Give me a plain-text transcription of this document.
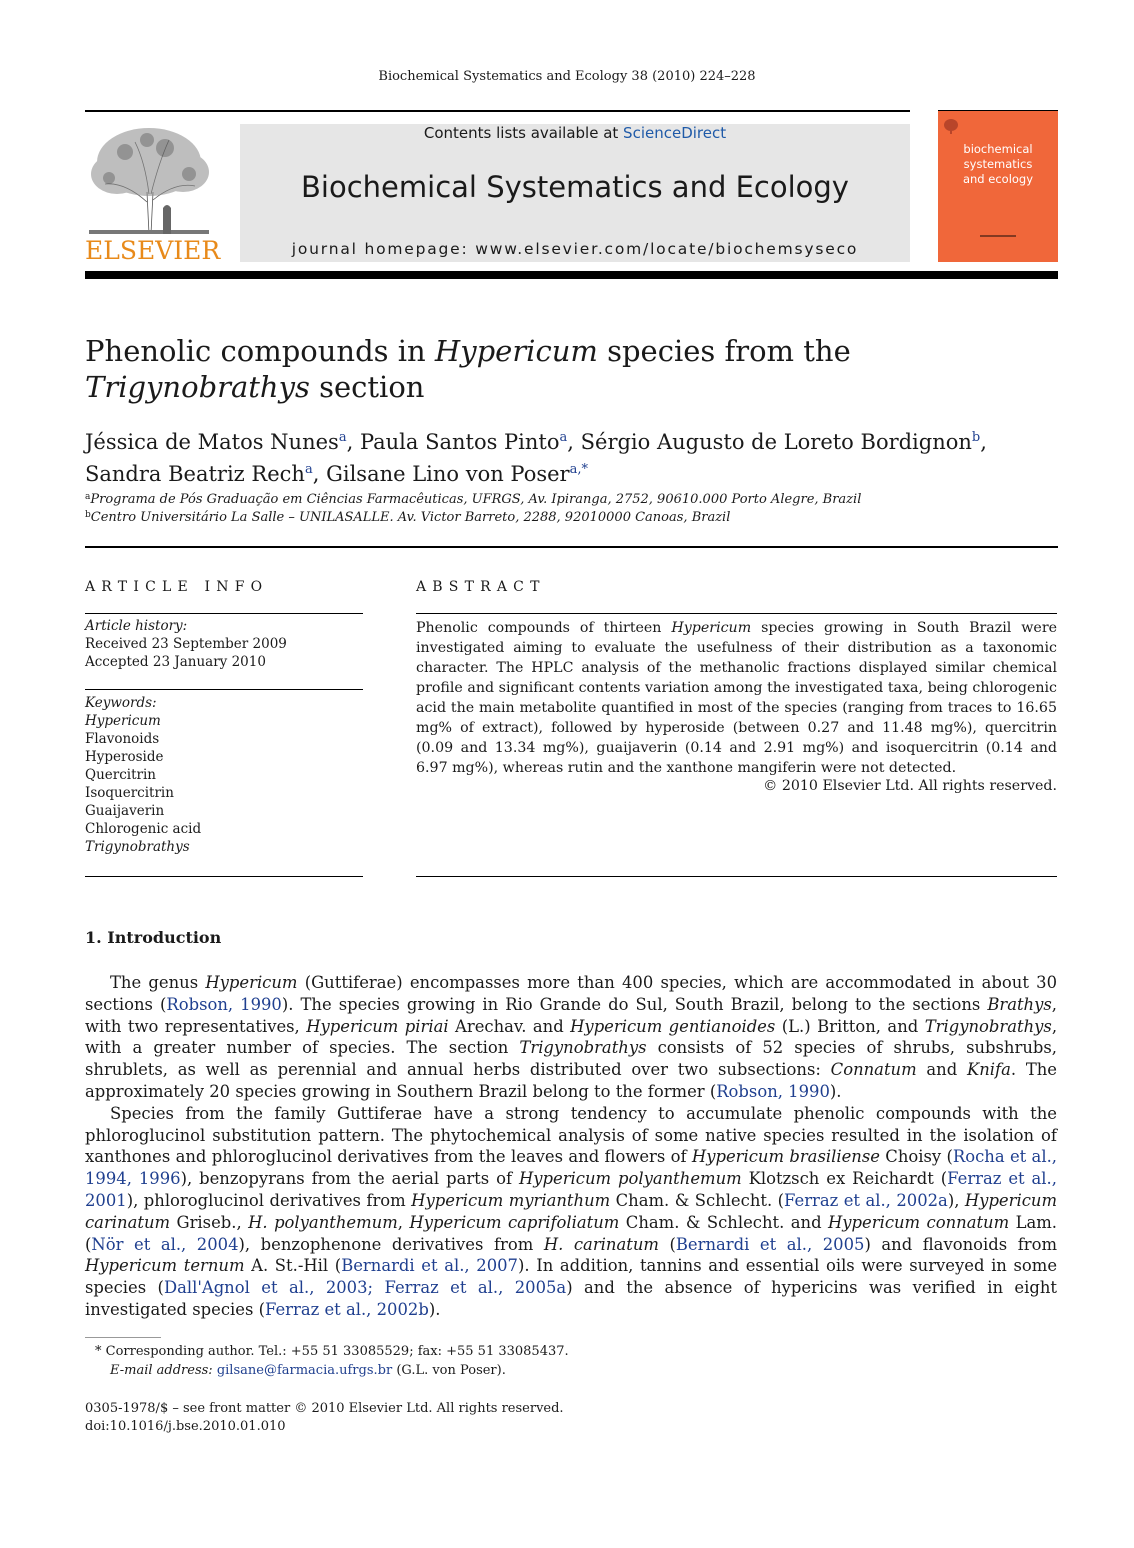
Biochemical Systematics and Ecology 38 (2010) 224–228
ELSEVIER
Contents lists available at ScienceDirect
Biochemical Systematics and Ecology
journal homepage: www.elsevier.com/locate/biochemsyseco
biochemical
systematics
and ecology
Phenolic compounds in Hypericum species from the
Trigynobrathys section
Jéssica de Matos Nunes$^a$, Paula Santos Pinto$^a$, Sérgio Augusto de Loreto Bordignon$^b$,
Sandra Beatriz Rech$^a$, Gilsane Lino von Poser$^{a,*}$
$^a$Programa de Pós Graduação em Ciências Farmacêuticas, UFRGS, Av. Ipiranga, 2752, 90610.000 Porto Alegre, Brazil
$^b$Centro Universitário La Salle – UNILASALLE. Av. Victor Barreto, 2288, 92010000 Canoas, Brazil
ARTICLE INFO
Article history:
Received 23 September 2009
Accepted 23 January 2010
Keywords:
Hypericum
Flavonoids
Hyperoside
Quercitrin
Isoquercitrin
Guaijaverin
Chlorogenic acid
Trigynobrathys
ABSTRACT
Phenolic compounds of thirteen Hypericum species growing in South Brazil were investigated aiming to evaluate the usefulness of their distribution as a taxonomic character. The HPLC analysis of the methanolic fractions displayed similar chemical profile and significant contents variation among the investigated taxa, being chlorogenic acid the main metabolite quantified in most of the species (ranging from traces to 16.65 mg% of extract), followed by hyperoside (between 0.27 and 11.48 mg%), quercitrin (0.09 and 13.34 mg%), guaijaverin (0.14 and 2.91 mg%) and isoquercitrin (0.14 and 6.97 mg%), whereas rutin and the xanthone mangiferin were not detected.
© 2010 Elsevier Ltd. All rights reserved.
1. Introduction

The genus Hypericum (Guttiferae) encompasses more than 400 species, which are accommodated in about 30 sections (Robson, 1990). The species growing in Rio Grande do Sul, South Brazil, belong to the sections Brathys, with two representatives, Hypericum piriai Arechav. and Hypericum gentianoides (L.) Britton, and Trigynobrathys, with a greater number of species. The section Trigynobrathys consists of 52 species of shrubs, subshrubs, shrublets, as well as perennial and annual herbs distributed over two subsections: Connatum and Knifa. The approximately 20 species growing in Southern Brazil belong to the former (Robson, 1990).

Species from the family Guttiferae have a strong tendency to accumulate phenolic compounds with the phloroglucinol substitution pattern. The phytochemical analysis of some native species resulted in the isolation of xanthones and phloroglucinol derivatives from the leaves and flowers of Hypericum brasiliense Choisy (Rocha et al., 1994, 1996), benzopyrans from the aerial parts of Hypericum polyanthemum Klotzsch ex Reichardt (Ferraz et al., 2001), phloroglucinol derivatives from Hypericum myrianthum Cham. & Schlecht. (Ferraz et al., 2002a), Hypericum carinatum Griseb., H. polyanthemum, Hypericum caprifoliatum Cham. & Schlecht. and Hypericum connatum Lam. (Nör et al., 2004), benzophenone derivatives from H. carinatum (Bernardi et al., 2005) and flavonoids from Hypericum ternum A. St.-Hil (Bernardi et al., 2007). In addition, tannins and essential oils were surveyed in some species (Dall'Agnol et al., 2003; Ferraz et al., 2005a) and the absence of hypericins was verified in eight investigated species (Ferraz et al., 2002b).

* Corresponding author. Tel.: +55 51 33085529; fax: +55 51 33085437.
E-mail address: gilsane@farmacia.ufrgs.br (G.L. von Poser).
0305-1978/$ – see front matter © 2010 Elsevier Ltd. All rights reserved.
doi:10.1016/j.bse.2010.01.010
